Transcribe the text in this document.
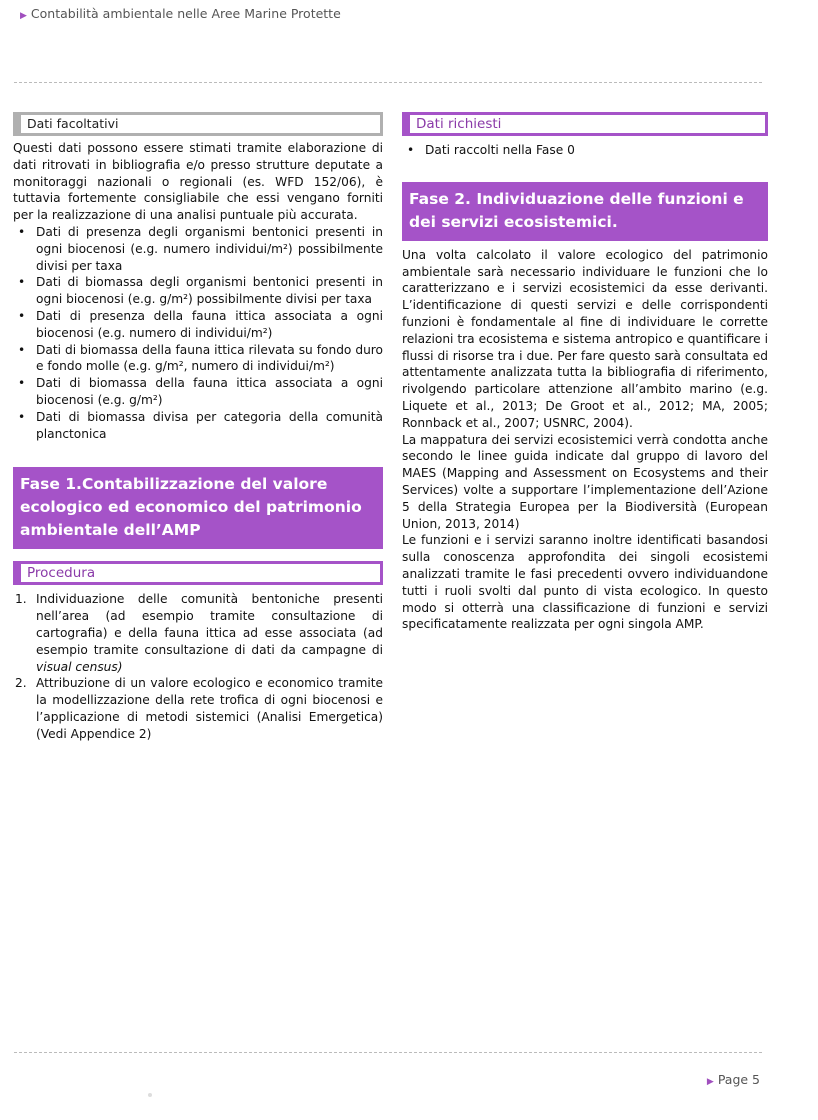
▶ Contabilità ambientale nelle Aree Marine Protette
Dati facoltativi

Questi dati possono essere stimati tramite elaborazione di dati ritrovati in bibliografia e/o presso strutture deputate a monitoraggi nazionali o regionali (es. WFD 152/06), è tuttavia fortemente consigliabile che essi vengano forniti per la realizzazione di una analisi puntuale più accurata.

• Dati di presenza degli organismi bentonici presenti in ogni biocenosi (e.g. numero individui/m²) possibilmente divisi per taxa
• Dati di biomassa degli organismi bentonici presenti in ogni biocenosi (e.g. g/m²) possibilmente divisi per taxa
• Dati di presenza della fauna ittica associata a ogni biocenosi (e.g. numero di individui/m²)
• Dati di biomassa della fauna ittica rilevata su fondo duro e fondo molle (e.g. g/m², numero di individui/m²)
• Dati di biomassa della fauna ittica associata a ogni biocenosi (e.g. g/m²)
• Dati di biomassa divisa per categoria della comunità planctonica
Fase 1.Contabilizzazione del valore ecologico ed economico del patrimonio ambientale dell’AMP
Procedura
1. Individuazione delle comunità bentoniche presenti nell’area (ad esempio tramite consultazione di cartografia) e della fauna ittica ad esse associata (ad esempio tramite consultazione di dati da campagne di visual census)
2. Attribuzione di un valore ecologico e economico tramite la modellizzazione della rete trofica di ogni biocenosi e l’applicazione di metodi sistemici (Analisi Emergetica) (Vedi Appendice 2)
Dati richiesti
• Dati raccolti nella Fase 0
Fase 2. Individuazione delle funzioni e dei servizi ecosistemici.

Una volta calcolato il valore ecologico del patrimonio ambientale sarà necessario individuare le funzioni che lo caratterizzano e i servizi ecosistemici da esse derivanti. L’identificazione di questi servizi e delle corrispondenti funzioni è fondamentale al fine di individuare le corrette relazioni tra ecosistema e sistema antropico e quantificare i flussi di risorse tra i due. Per fare questo sarà consultata ed attentamente analizzata tutta la bibliografia di riferimento, rivolgendo particolare attenzione all’ambito marino (e.g. Liquete et al., 2013; De Groot et al., 2012; MA, 2005; Ronnback et al., 2007; USNRC, 2004).

La mappatura dei servizi ecosistemici verrà condotta anche secondo le linee guida indicate dal gruppo di lavoro del MAES (Mapping and Assessment on Ecosystems and their Services) volte a supportare l’implementazione dell’Azione 5 della Strategia Europea per la Biodiversità (European Union, 2013, 2014)

Le funzioni e i servizi saranno inoltre identificati basandosi sulla conoscenza approfondita dei singoli ecosistemi analizzati tramite le fasi precedenti ovvero individuandone tutti i ruoli svolti dal punto di vista ecologico. In questo modo si otterrà una classificazione di funzioni e servizi specificatamente realizzata per ogni singola AMP.

▶ Page 5
